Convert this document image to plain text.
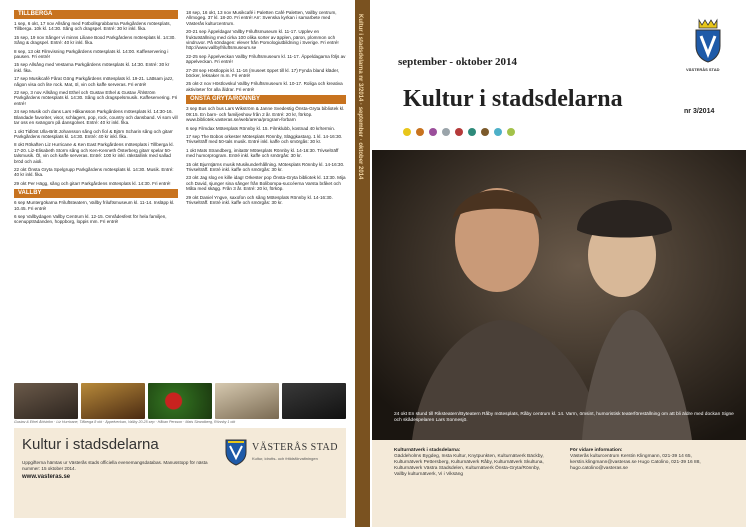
TILLBERGA

1 sep, 6 okt, 17 nov Allsång med Fotbollsgrabbarna Parkgårdens mötesplats, Tillberga. 10k kl. 14:30. Sång och dragspel. Entré: 30 kr inkl. fika.

15 sep, 19 nov Sånger vi minns Liliane Bood Parkgårdens mötesplats kl. 14:30. Sång & dragspel. Entré: 40 kr inkl. fika.

8 sep, 13 okt Filmvisning Parkgårdens mötesplats kl. 14:00. Kaffeservering i pausen. Fri entré!

15 sep Allsång med Vestarna Parkgårdens mötesplats kl. 14:30. Entré: 30 kr inkl. fika.

17 sep Musikcafé Fårat Göng Parkgårdens mötesplats kl. 19-21. Lättsam jazz, någon visa och lite rock. Mat, öl, vin och kaffe serveras. Fri entré!

22 sep, 3 nov Allsång med Ethel och Gustav Ethel & Gustav Åhlström Parkgårdens mötesplats kl. 14:30. Sång och dragspelsmusik. Kaffeservering. Fri entré!

24 sep Musik och dans Lars Håkansson Parkgårdens mötesplats kl. 14:30-16. Blandade favoriter, visor, schlagers, pop, rock, country och dansband. Vi som vill tar oss en svängom på dansgolvet. Entré: 40 kr inkl. fika.

1 okt Tidlöst Ulla-Britt Johansson sång och fiol & Björn Scharin sång och gitarr Parkgårdens mötesplats kl. 14:30. Entré: 40 kr inkl. fika.

8 okt Rökaften Liz Hurricane & Ken East Parkgårdens mötesplats i Tillberga kl. 17-20. Liz-Elisabeth Storm sång och Ken-Kenneth Österberg gitarr spelar 50-talsmusik. Öl, vin och kaffe serveras. Entré: 100 kr inkl. räkstallink med sallad bröd och aioli.

22 okt Önsta Gryta Spelgrupp Parkgårdens mötesplats kl. 14:30. Musik. Entré: 40 kr inkl. fika.

29 okt Per Hägg, sång och gitarr Parkgårdens mötesplats kl. 14:30. Fri entré!

VALLBY

6 sep Muntergökarna Friluftsteatern, Vallby friluftsmuseum kl. 11-14. Insläpp kl. 10.45. Fri entré!

6 sep Vallbydagen Vallby Centrum kl. 12-15. Områdesfest för hela familjen, scenuppträdanden, hoppborg, loppis mm. Fri entré!

18 sep, 16 okt, 13 nov Musikcafé i Paletten Café Paletten, Vallby centrum, Allmogeg. 37 kl. 18-20. Fri entré! Arr: Svenska kyrkan i samarbete med Västerås kulturcentrum.

20-21 sep Äppeldagar Vallby Friluftsmuseum kl. 11-17. Upplev en fruktutställning med cirka 100 olika sorter av äpplen, päron, plommon och vindruvor. På söndagen: elever från Pomologiutbildning i Sverige. Fri entré! http://www.vallbyfriluftsmuseum.se

22-25 sep Äppelveckan Vallby Friluftsmuseum kl. 11-17. Äppeldagarna följs av äppelveckan. Fri entré!

27-28 sep Höstloppis kl. 11-16 (museet öppet till kl. 17) Fynda bland kläder, böcker, leksaker m.m. Fri entré!

25 okt-2 nov Höstlovskul Vallby Friluftsmuseum kl. 10-17. Roliga och kreativa aktiviteter för alla åldrar. Fri entré!

ÖNSTA GRYTA/RÖNNBY

3 sep Bus och bus Lars Wikström & Janne Svedestig Önsta-Gryta bibliotek kl. 09:15. En barn- och familjeshow från 2 år. Entré: 20 kr, förköp. www.bibliotek.vasteras.se/web/arena/program-forbarn

6 sep Filmdax Mötesplats Rönnby kl. 15. Filmklubb, kostnad 40 kr/termin.

17 sep The Bobos orkester Mötesplats Rönnby, Släggkastarg. 1 kl. 14-16:30. Trivselträff med 50-tals musik. Entré inkl. kaffe och smörgås: 30 kr.

1 okt Mats Strandberg, imitatör Mötesplats Rönnby kl. 14-16:30. Trivselträff med humorprogram. Entré inkl. kaffe och smörgås: 30 kr.

15 okt Bjurntjärns musik Musikunderhållning. Mötesplats Rönnby kl. 14-16:30. Trivselträff. Entré inkl. kaffe och smörgås: 30 kr.

23 okt Jag slog en kille idag! Orkester pop Önsta-Gryta bibliotek kl. 13:30. Mija och David, sjunger sina sånger från Bolibompa-succéerna Varsta bråket och Måta med skägg. Från 3 år. Entré: 20 kr, förköp.

29 okt Daniel Yngve, saxofon och sång Mötesplats Rönnby kl. 14-16:30. Trivselträff. Entré inkl. kaffe och smörgås: 30 kr.

Gustav & Ethel Åhlström · Liz Hurricane, Tillberga 8 okt · Äppelveckan, Vallby 20-25 sep · Håkan Persson · Mats Strandberg, Rönnby 1 okt
Kultur i stadsdelarna
Uppgifterna hämtas ur Västerås stads officiella evenemangsdatabas. Manusstopp för nästa nummer: 15 oktober 2014.
www.vasteras.se
VÄSTERÅS STAD
Kultur, idrotts- och fritidsförvaltningen
Kultur i stadsdelarna nr 3/2014 · september · oktober 2014	VÄSTERÅS STAD
september - oktober 2014
Kultur i stadsdelarna	nr 3/2014
24 okt En stund till Riksteatern/Byteatern Råby mötesplats, Råby centrum kl. 14. Varm, ömsint, humoristisk teaterföreställning om att bli äldre med dockan Signe och skådespelaren Lars Sonnesjö.
Kulturnätverk i stadsdelarna:
Gäddeholms Bygdeg, Insta Kultur, Knytpunkten, Kulturnätverk Bäckby, Kulturnätverk Pettersberg, Kulturnätverk Råby, Kulturnätverk Skultuna, Kulturnätverk Västra Stadsdelen, Kulturnätverk Önsta-Gryta/Rönnby, Vallby kulturnätverk, Vi i Viksäng
För vidare information:
Västerås kulturcentrum Kerstin Klingmann, 021-39 14 65, kerstin.klingmann@vasteras.se Hugo Catolino, 021-39 16 88, hugo.catolino@vasteras.se
